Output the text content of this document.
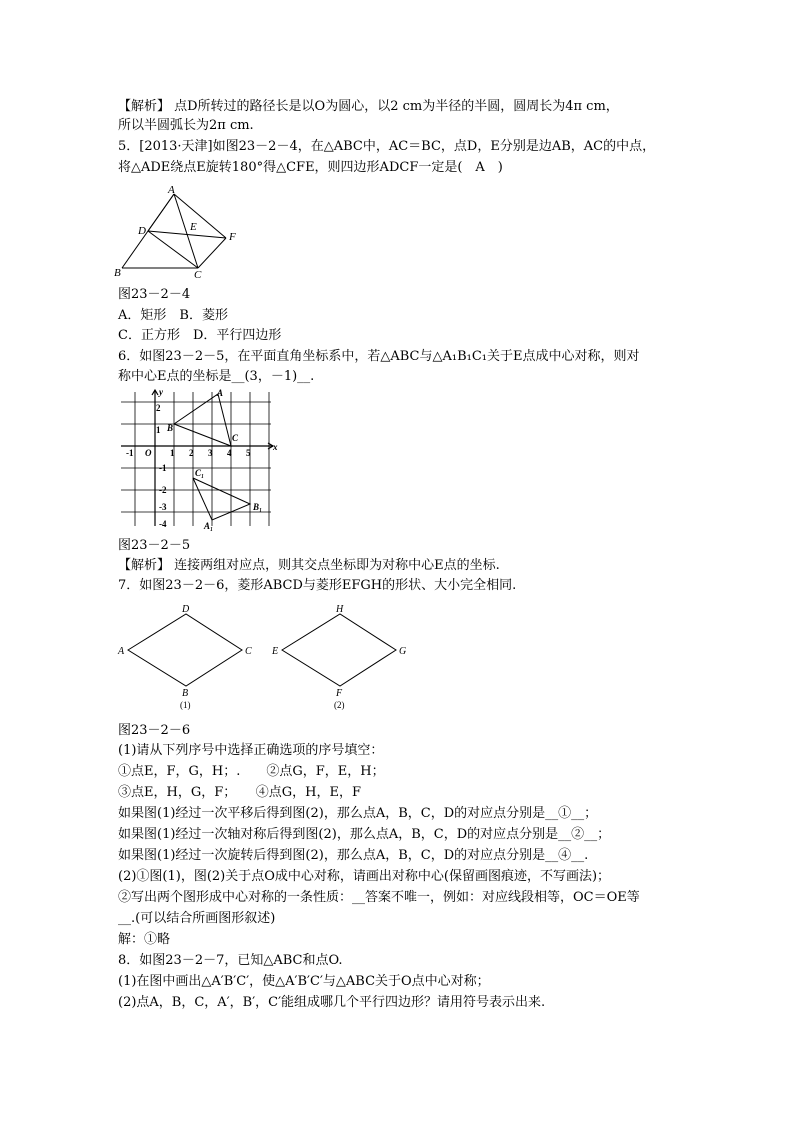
【解析】 点D所转过的路径长是以O为圆心，以2 cm为半径的半圆，圆周长为4π cm，
所以半圆弧长为2π cm.
5．[2013·天津]如图23－2－4，在△ABC中，AC＝BC，点D，E分别是边AB，AC的中点，
将△ADE绕点E旋转180°得△CFE，则四边形ADCF一定是(　A　)
A
B	C
D	E
F
图23－2－4
A．矩形　B．菱形
C．正方形　D．平行四边形
6．如图23－2－5，在平面直角坐标系中，若△ABC与△A₁B₁C₁关于E点成中心对称，则对
称中心E点的坐标是__(3，－1)__.
x
y
O
-1	1 2 3 4 5
2
1
-1
-2
-3
-4
A
B
C
C₁
B₁
A₁
图23－2－5
【解析】 连接两组对应点，则其交点坐标即为对称中心E点的坐标.
7．如图23－2－6，菱形ABCD与菱形EFGH的形状、大小完全相同.
A
D
C
B
E
H
G
F
(1)	(2)
图23－2－6
(1)请从下列序号中选择正确选项的序号填空：
①点E，F，G，H；.　　②点G，F，E，H；
③点E，H，G，F；　　④点G，H，E，F
如果图(1)经过一次平移后得到图(2)，那么点A，B，C，D的对应点分别是__①__；
如果图(1)经过一次轴对称后得到图(2)，那么点A，B，C，D的对应点分别是__②__；
如果图(1)经过一次旋转后得到图(2)，那么点A，B，C，D的对应点分别是__④__.
(2)①图(1)，图(2)关于点O成中心对称，请画出对称中心(保留画图痕迹，不写画法)；
②写出两个图形成中心对称的一条性质：__答案不唯一，例如：对应线段相等，OC＝OE等
__.(可以结合所画图形叙述)
解：①略
8．如图23－2－7，已知△ABC和点O.
(1)在图中画出△A′B′C′，使△A′B′C′与△ABC关于O点中心对称；
(2)点A，B，C，A′，B′，C′能组成哪几个平行四边形？请用符号表示出来.
